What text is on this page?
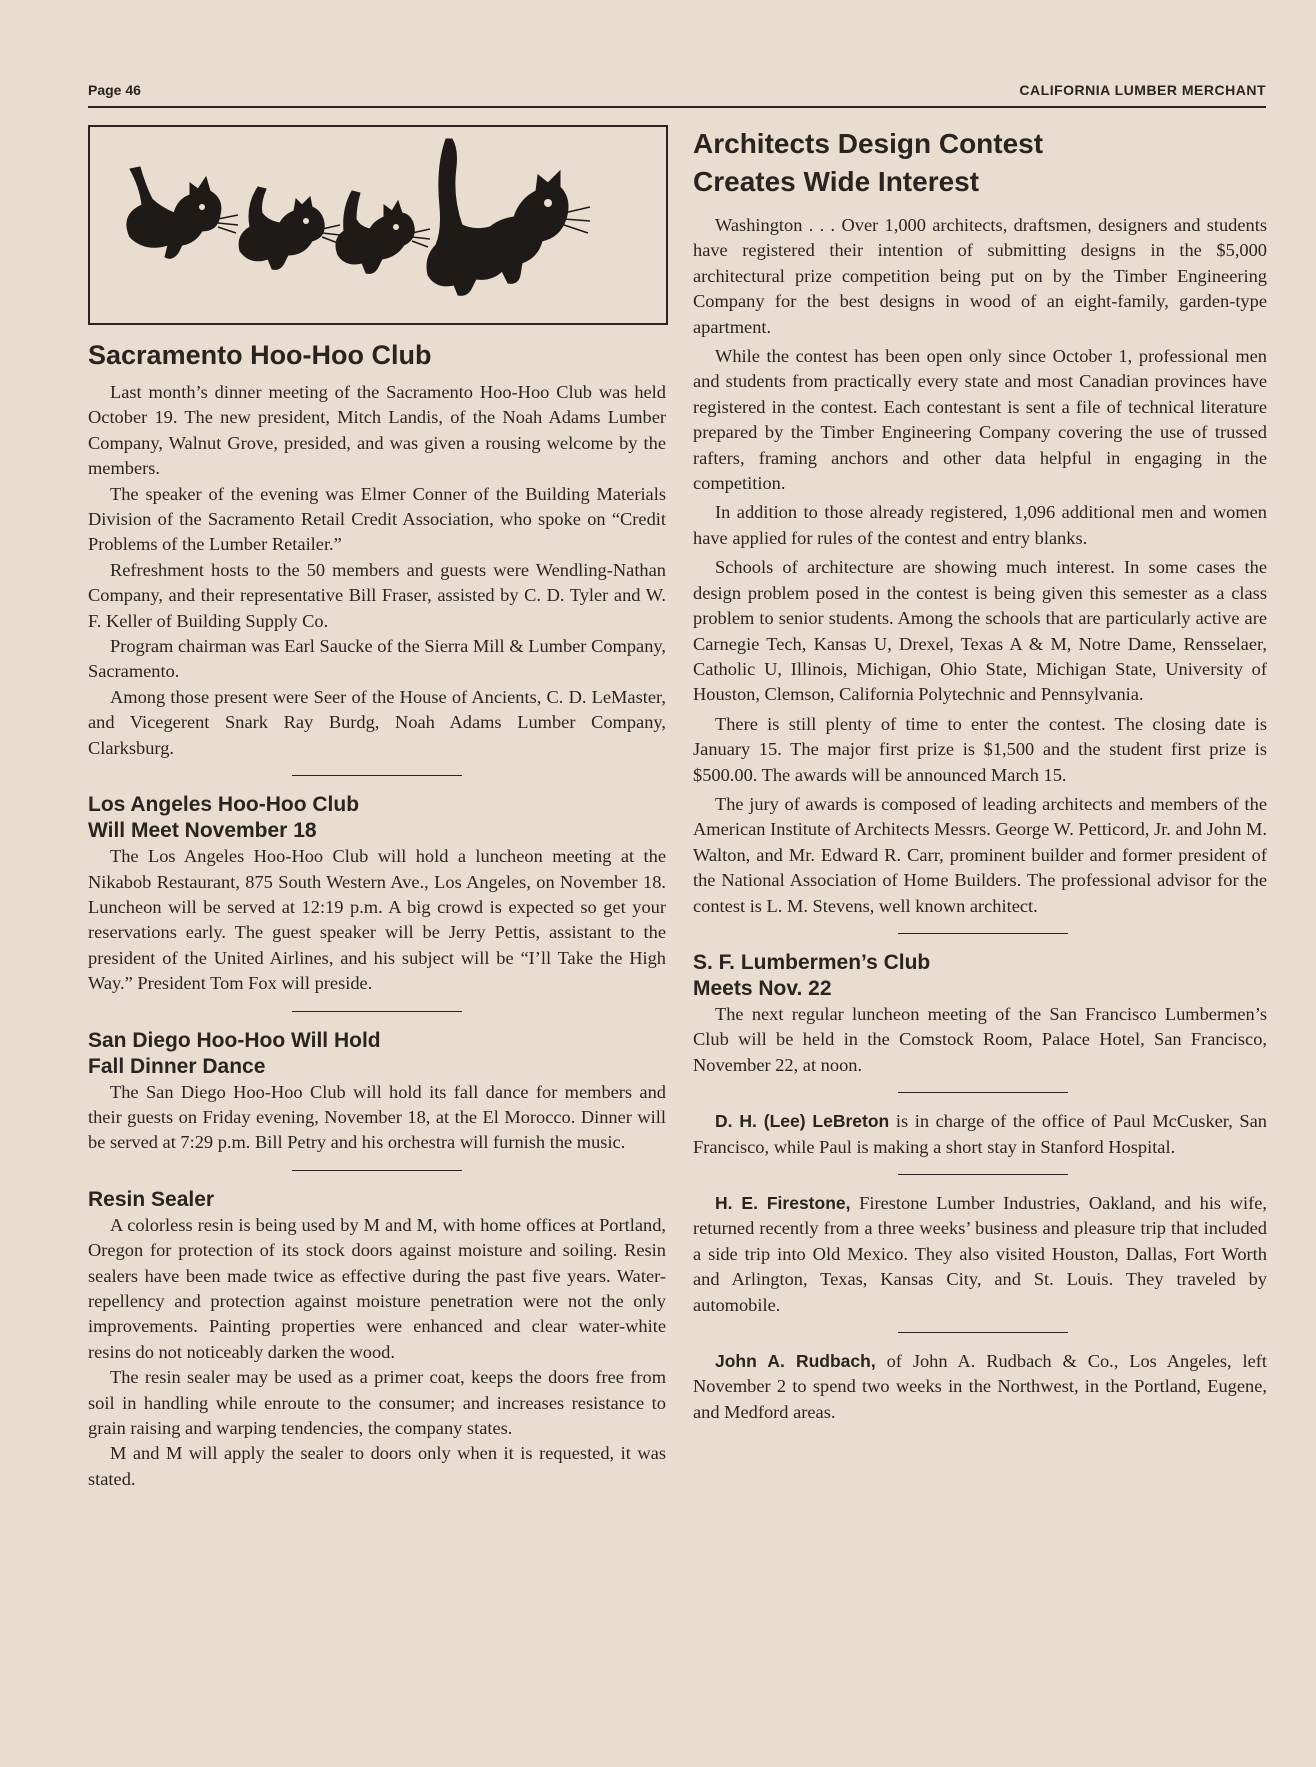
Page 46	CALIFORNIA LUMBER MERCHANT
Sacramento Hoo-Hoo Club

Last month’s dinner meeting of the Sacramento Hoo-Hoo Club was held October 19. The new president, Mitch Landis, of the Noah Adams Lumber Company, Walnut Grove, presided, and was given a rousing welcome by the members.

The speaker of the evening was Elmer Conner of the Building Materials Division of the Sacramento Retail Credit Association, who spoke on “Credit Problems of the Lumber Retailer.”

Refreshment hosts to the 50 members and guests were Wendling-Nathan Company, and their representative Bill Fraser, assisted by C. D. Tyler and W. F. Keller of Building Supply Co.

Program chairman was Earl Saucke of the Sierra Mill & Lumber Company, Sacramento.

Among those present were Seer of the House of Ancients, C. D. LeMaster, and Vicegerent Snark Ray Burdg, Noah Adams Lumber Company, Clarksburg.

Los Angeles Hoo-Hoo Club
Will Meet November 18

The Los Angeles Hoo-Hoo Club will hold a luncheon meeting at the Nikabob Restaurant, 875 South Western Ave., Los Angeles, on November 18. Luncheon will be served at 12:19 p.m. A big crowd is expected so get your reservations early. The guest speaker will be Jerry Pettis, assistant to the president of the United Airlines, and his subject will be “I’ll Take the High Way.” President Tom Fox will preside.

San Diego Hoo-Hoo Will Hold
Fall Dinner Dance

The San Diego Hoo-Hoo Club will hold its fall dance for members and their guests on Friday evening, November 18, at the El Morocco. Dinner will be served at 7:29 p.m. Bill Petry and his orchestra will furnish the music.

Resin Sealer

A colorless resin is being used by M and M, with home offices at Portland, Oregon for protection of its stock doors against moisture and soiling. Resin sealers have been made twice as effective during the past five years. Water-repellency and protection against moisture penetration were not the only improvements. Painting properties were enhanced and clear water-white resins do not noticeably darken the wood.

The resin sealer may be used as a primer coat, keeps the doors free from soil in handling while enroute to the consumer; and increases resistance to grain raising and warping tendencies, the company states.

M and M will apply the sealer to doors only when it is requested, it was stated.

Architects Design Contest
Creates Wide Interest

Washington . . . Over 1,000 architects, draftsmen, designers and students have registered their intention of submitting designs in the $5,000 architectural prize competition being put on by the Timber Engineering Company for the best designs in wood of an eight-family, garden-type apartment.

While the contest has been open only since October 1, professional men and students from practically every state and most Canadian provinces have registered in the contest. Each contestant is sent a file of technical literature prepared by the Timber Engineering Company covering the use of trussed rafters, framing anchors and other data helpful in engaging in the competition.

In addition to those already registered, 1,096 additional men and women have applied for rules of the contest and entry blanks.

Schools of architecture are showing much interest. In some cases the design problem posed in the contest is being given this semester as a class problem to senior students. Among the schools that are particularly active are Carnegie Tech, Kansas U, Drexel, Texas A & M, Notre Dame, Rensselaer, Catholic U, Illinois, Michigan, Ohio State, Michigan State, University of Houston, Clemson, California Polytechnic and Pennsylvania.

There is still plenty of time to enter the contest. The closing date is January 15. The major first prize is $1,500 and the student first prize is $500.00. The awards will be announced March 15.

The jury of awards is composed of leading architects and members of the American Institute of Architects Messrs. George W. Petticord, Jr. and John M. Walton, and Mr. Edward R. Carr, prominent builder and former president of the National Association of Home Builders. The professional advisor for the contest is L. M. Stevens, well known architect.

S. F. Lumbermen’s Club
Meets Nov. 22

The next regular luncheon meeting of the San Francisco Lumbermen’s Club will be held in the Comstock Room, Palace Hotel, San Francisco, November 22, at noon.

D. H. (Lee) LeBreton is in charge of the office of Paul McCusker, San Francisco, while Paul is making a short stay in Stanford Hospital.

H. E. Firestone, Firestone Lumber Industries, Oakland, and his wife, returned recently from a three weeks’ business and pleasure trip that included a side trip into Old Mexico. They also visited Houston, Dallas, Fort Worth and Arlington, Texas, Kansas City, and St. Louis. They traveled by automobile.

John A. Rudbach, of John A. Rudbach & Co., Los Angeles, left November 2 to spend two weeks in the Northwest, in the Portland, Eugene, and Medford areas.
